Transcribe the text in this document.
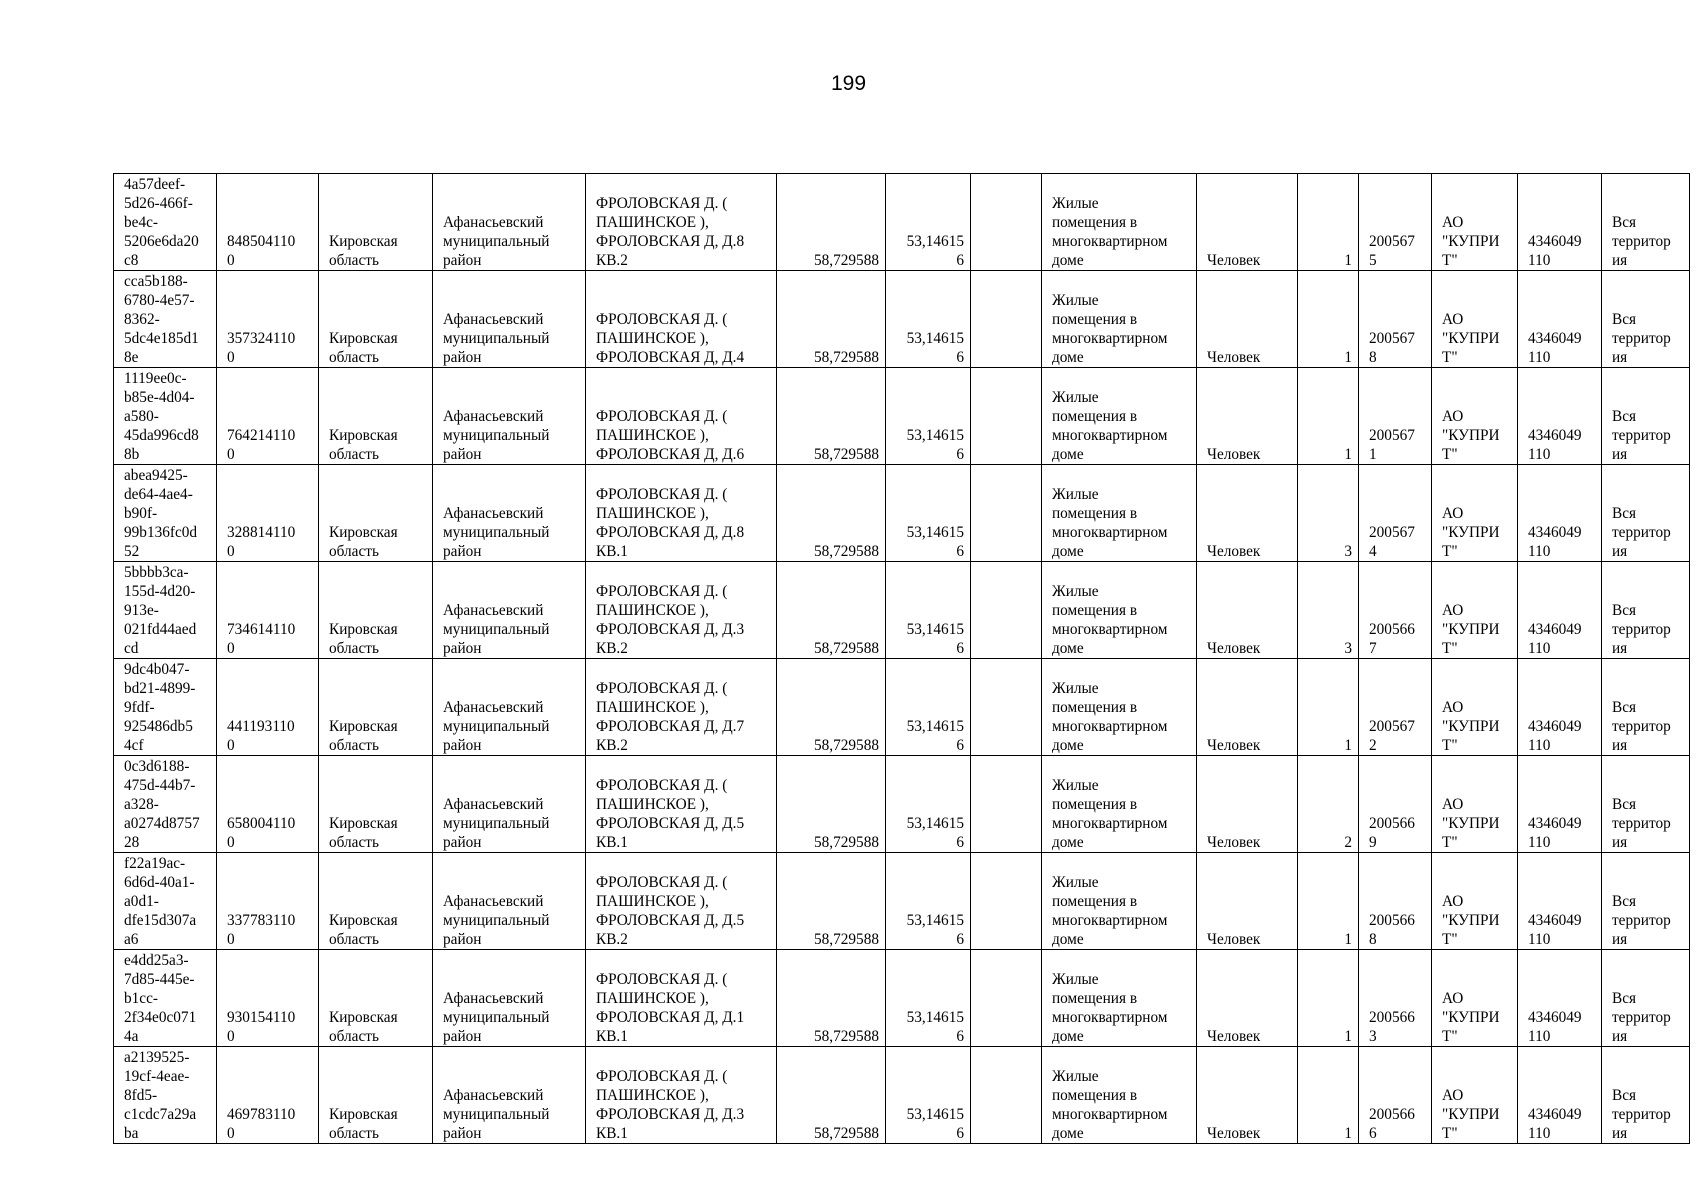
199
4a57deef-
5d26-466f-
be4c-
5206e6da20
c8	848504110
0	Кировская
область	Афанасьевский
муниципальный
район	ФРОЛОВСКАЯ Д. (
ПАШИНСКОЕ ),
ФРОЛОВСКАЯ Д, Д.8
КВ.2	58,729588	53,14615
6		Жилые
помещения в
многоквартирном
доме	Человек	1	200567
5	АО
"КУПРИ
Т"	4346049
110	Вся
территор
ия

cca5b188-
6780-4e57-
8362-
5dc4e185d1
8e	357324110
0	Кировская
область	Афанасьевский
муниципальный
район	ФРОЛОВСКАЯ Д. (
ПАШИНСКОЕ ),
ФРОЛОВСКАЯ Д, Д.4	58,729588	53,14615
6		Жилые
помещения в
многоквартирном
доме	Человек	1	200567
8	АО
"КУПРИ
Т"	4346049
110	Вся
территор
ия

1119ee0c-
b85e-4d04-
a580-
45da996cd8
8b	764214110
0	Кировская
область	Афанасьевский
муниципальный
район	ФРОЛОВСКАЯ Д. (
ПАШИНСКОЕ ),
ФРОЛОВСКАЯ Д, Д.6	58,729588	53,14615
6		Жилые
помещения в
многоквартирном
доме	Человек	1	200567
1	АО
"КУПРИ
Т"	4346049
110	Вся
территор
ия

abea9425-
de64-4ae4-
b90f-
99b136fc0d
52	328814110
0	Кировская
область	Афанасьевский
муниципальный
район	ФРОЛОВСКАЯ Д. (
ПАШИНСКОЕ ),
ФРОЛОВСКАЯ Д, Д.8
КВ.1	58,729588	53,14615
6		Жилые
помещения в
многоквартирном
доме	Человек	3	200567
4	АО
"КУПРИ
Т"	4346049
110	Вся
территор
ия

5bbbb3ca-
155d-4d20-
913e-
021fd44aed
cd	734614110
0	Кировская
область	Афанасьевский
муниципальный
район	ФРОЛОВСКАЯ Д. (
ПАШИНСКОЕ ),
ФРОЛОВСКАЯ Д, Д.3
КВ.2	58,729588	53,14615
6		Жилые
помещения в
многоквартирном
доме	Человек	3	200566
7	АО
"КУПРИ
Т"	4346049
110	Вся
территор
ия

9dc4b047-
bd21-4899-
9fdf-
925486db5
4cf	441193110
0	Кировская
область	Афанасьевский
муниципальный
район	ФРОЛОВСКАЯ Д. (
ПАШИНСКОЕ ),
ФРОЛОВСКАЯ Д, Д.7
КВ.2	58,729588	53,14615
6		Жилые
помещения в
многоквартирном
доме	Человек	1	200567
2	АО
"КУПРИ
Т"	4346049
110	Вся
территор
ия

0c3d6188-
475d-44b7-
a328-
a0274d8757
28	658004110
0	Кировская
область	Афанасьевский
муниципальный
район	ФРОЛОВСКАЯ Д. (
ПАШИНСКОЕ ),
ФРОЛОВСКАЯ Д, Д.5
КВ.1	58,729588	53,14615
6		Жилые
помещения в
многоквартирном
доме	Человек	2	200566
9	АО
"КУПРИ
Т"	4346049
110	Вся
территор
ия

f22a19ac-
6d6d-40a1-
a0d1-
dfe15d307a
a6	337783110
0	Кировская
область	Афанасьевский
муниципальный
район	ФРОЛОВСКАЯ Д. (
ПАШИНСКОЕ ),
ФРОЛОВСКАЯ Д, Д.5
КВ.2	58,729588	53,14615
6		Жилые
помещения в
многоквартирном
доме	Человек	1	200566
8	АО
"КУПРИ
Т"	4346049
110	Вся
территор
ия

e4dd25a3-
7d85-445e-
b1cc-
2f34e0c071
4a	930154110
0	Кировская
область	Афанасьевский
муниципальный
район	ФРОЛОВСКАЯ Д. (
ПАШИНСКОЕ ),
ФРОЛОВСКАЯ Д, Д.1
КВ.1	58,729588	53,14615
6		Жилые
помещения в
многоквартирном
доме	Человек	1	200566
3	АО
"КУПРИ
Т"	4346049
110	Вся
территор
ия

a2139525-
19cf-4eae-
8fd5-
c1cdc7a29a
ba	469783110
0	Кировская
область	Афанасьевский
муниципальный
район	ФРОЛОВСКАЯ Д. (
ПАШИНСКОЕ ),
ФРОЛОВСКАЯ Д, Д.3
КВ.1	58,729588	53,14615
6		Жилые
помещения в
многоквартирном
доме	Человек	1	200566
6	АО
"КУПРИ
Т"	4346049
110	Вся
территор
ия
